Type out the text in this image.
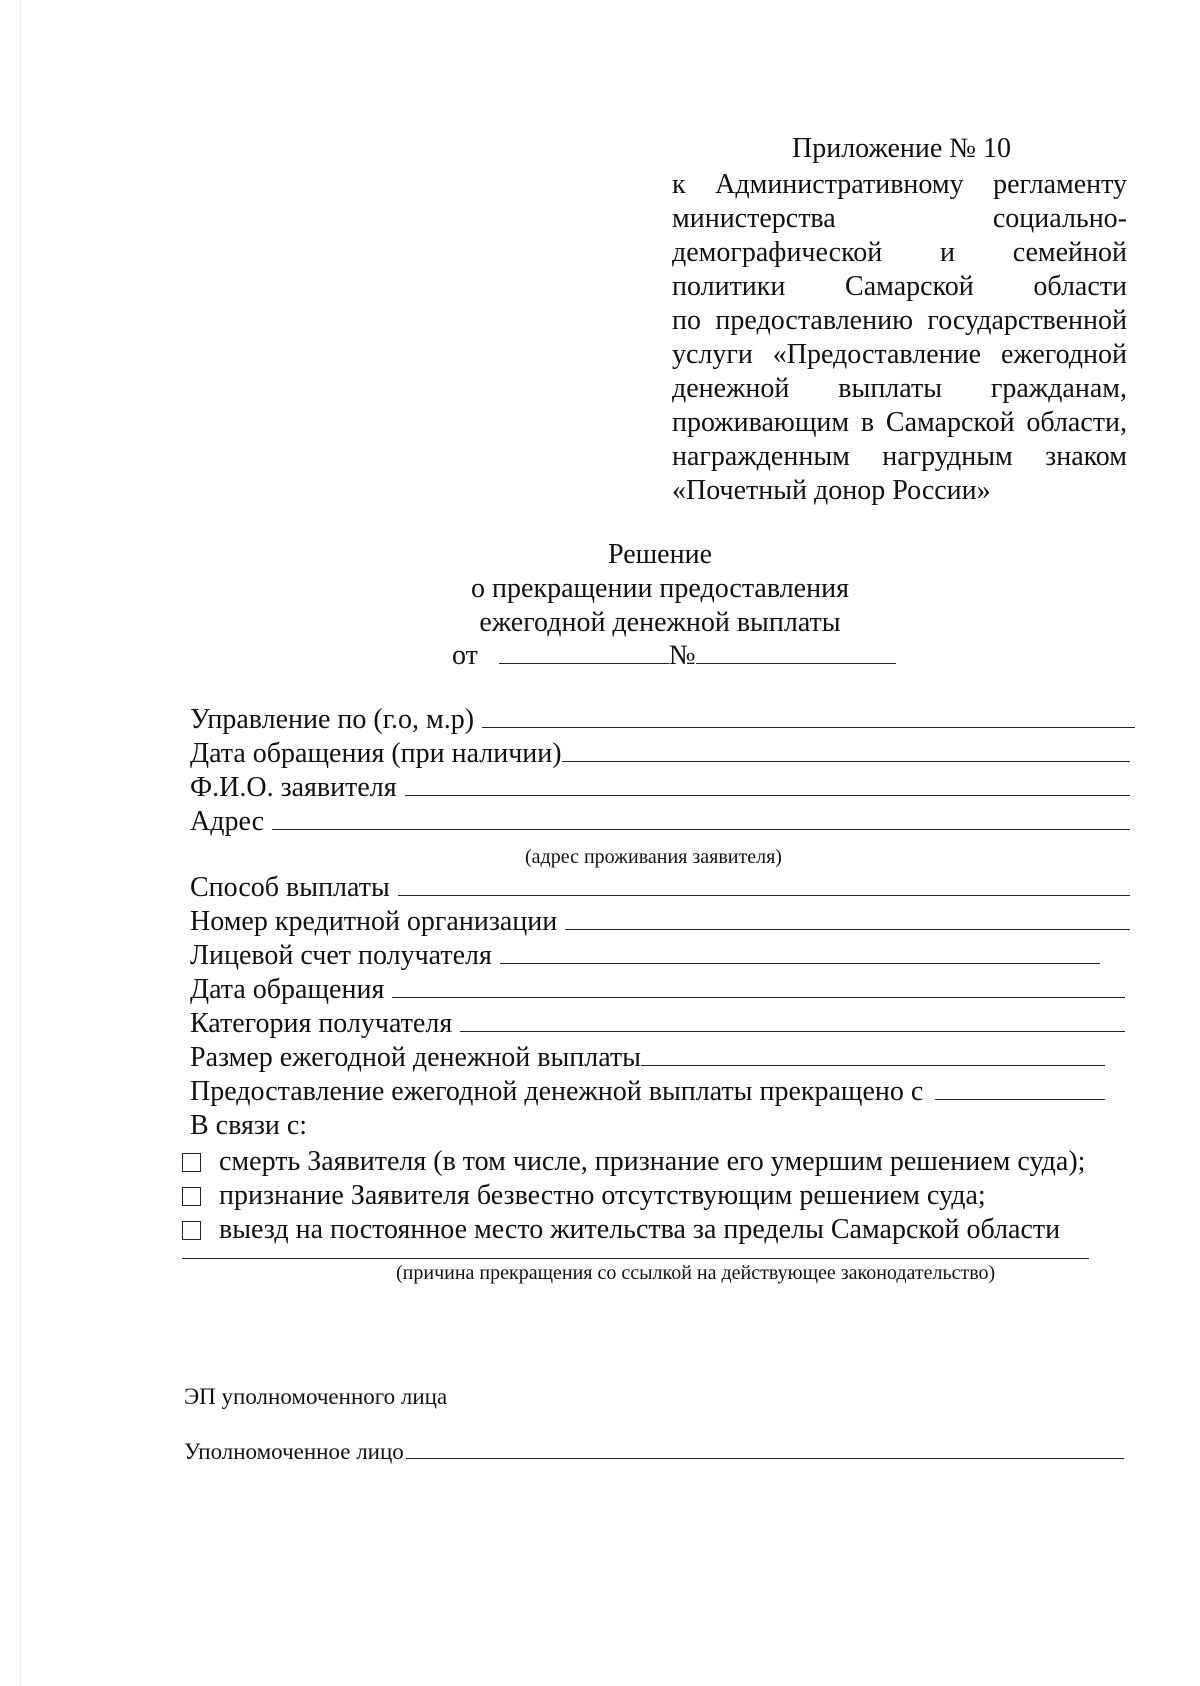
Приложение № 10
к Административному регламенту
министерства социально-
демографической и семейной
политики Самарской области
по предоставлению государственной
услуги «Предоставление ежегодной
денежной выплаты гражданам,
проживающим в Самарской области,
награжденным нагрудным знаком
«Почетный донор России»
Решение
о прекращении предоставления
ежегодной денежной выплаты
от	№
Управление по (г.о, м.р)
Дата обращения (при наличии)
Ф.И.О. заявителя
Адрес
(адрес проживания заявителя)
Способ выплаты
Номер кредитной организации
Лицевой счет получателя
Дата обращения
Категория получателя
Размер ежегодной денежной выплаты
Предоставление ежегодной денежной выплаты прекращено с
В связи с:
смерть Заявителя (в том числе, признание его умершим решением суда);
признание Заявителя безвестно отсутствующим решением суда;
выезд на постоянное место жительства за пределы Самарской области
(причина прекращения со ссылкой на действующее законодательство)
ЭП уполномоченного лица
Уполномоченное лицо
